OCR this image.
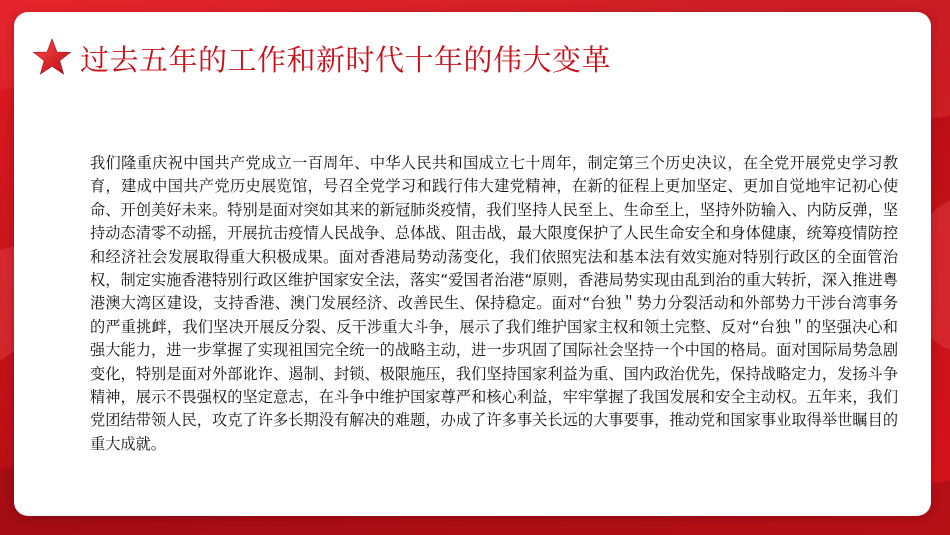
过去五年的工作和新时代十年的伟大变革

我们隆重庆祝中国共产党成立一百周年、中华人民共和国成立七十周年，制定第三个历史决议，在全党开展党史学习教育，建成中国共产党历史展览馆，号召全党学习和践行伟大建党精神，在新的征程上更加坚定、更加自觉地牢记初心使命、开创美好未来。特别是面对突如其来的新冠肺炎疫情，我们坚持人民至上、生命至上，坚持外防输入、内防反弹，坚持动态清零不动摇，开展抗击疫情人民战争、总体战、阻击战，最大限度保护了人民生命安全和身体健康，统筹疫情防控和经济社会发展取得重大积极成果。面对香港局势动荡变化，我们依照宪法和基本法有效实施对特别行政区的全面管治权，制定实施香港特别行政区维护国家安全法，落实“爱国者治港“原则，香港局势实现由乱到治的重大转折，深入推进粤港澳大湾区建设，支持香港、澳门发展经济、改善民生、保持稳定。面对“台独＂势力分裂活动和外部势力干涉台湾事务的严重挑衅，我们坚决开展反分裂、反干涉重大斗争，展示了我们维护国家主权和领土完整、反对“台独＂的坚强决心和强大能力，进一步掌握了实现祖国完全统一的战略主动，进一步巩固了国际社会坚持一个中国的格局。面对国际局势急剧变化，特别是面对外部讹诈、遏制、封锁、极限施压，我们坚持国家利益为重、国内政治优先，保持战略定力，发扬斗争精神，展示不畏强权的坚定意志，在斗争中维护国家尊严和核心利益，牢牢掌握了我国发展和安全主动权。五年来，我们党团结带领人民，攻克了许多长期没有解决的难题，办成了许多事关长远的大事要事，推动党和国家事业取得举世瞩目的重大成就。
